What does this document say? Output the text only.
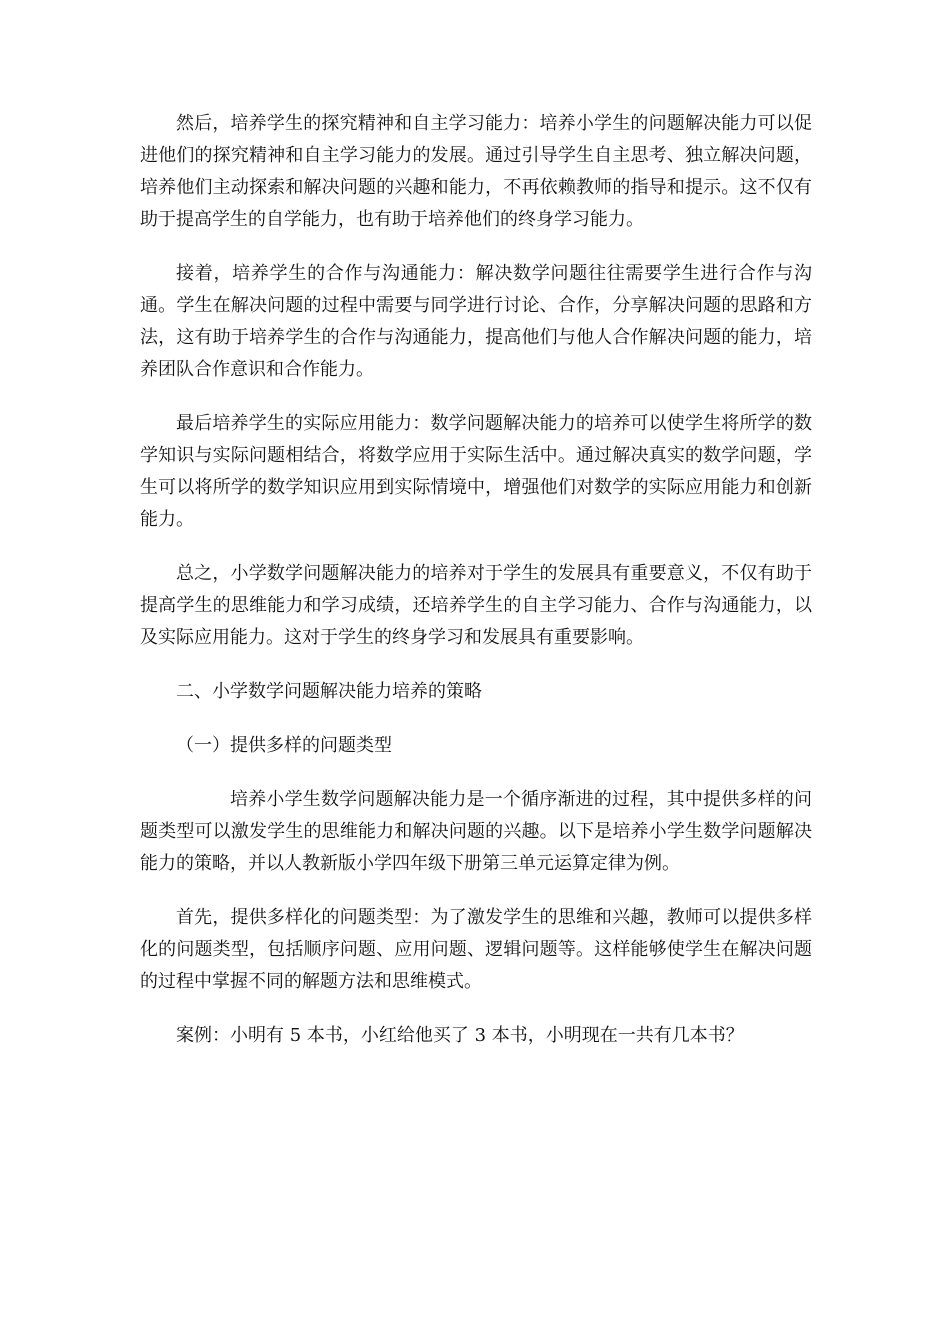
然后，培养学生的探究精神和自主学习能力：培养小学生的问题解决能力可以促进他们的探究精神和自主学习能力的发展。通过引导学生自主思考、独立解决问题，培养他们主动探索和解决问题的兴趣和能力，不再依赖教师的指导和提示。这不仅有助于提高学生的自学能力，也有助于培养他们的终身学习能力。

接着，培养学生的合作与沟通能力：解决数学问题往往需要学生进行合作与沟通。学生在解决问题的过程中需要与同学进行讨论、合作，分享解决问题的思路和方法，这有助于培养学生的合作与沟通能力，提高他们与他人合作解决问题的能力，培养团队合作意识和合作能力。

最后培养学生的实际应用能力：数学问题解决能力的培养可以使学生将所学的数学知识与实际问题相结合，将数学应用于实际生活中。通过解决真实的数学问题，学生可以将所学的数学知识应用到实际情境中，增强他们对数学的实际应用能力和创新能力。

总之，小学数学问题解决能力的培养对于学生的发展具有重要意义，不仅有助于提高学生的思维能力和学习成绩，还培养学生的自主学习能力、合作与沟通能力，以及实际应用能力。这对于学生的终身学习和发展具有重要影响。

二、小学数学问题解决能力培养的策略

（一）提供多样的问题类型

培养小学生数学问题解决能力是一个循序渐进的过程，其中提供多样的问题类型可以激发学生的思维能力和解决问题的兴趣。以下是培养小学生数学问题解决能力的策略，并以人教新版小学四年级下册第三单元运算定律为例。

首先，提供多样化的问题类型：为了激发学生的思维和兴趣，教师可以提供多样化的问题类型，包括顺序问题、应用问题、逻辑问题等。这样能够使学生在解决问题的过程中掌握不同的解题方法和思维模式。

案例：小明有 5 本书，小红给他买了 3 本书，小明现在一共有几本书？
